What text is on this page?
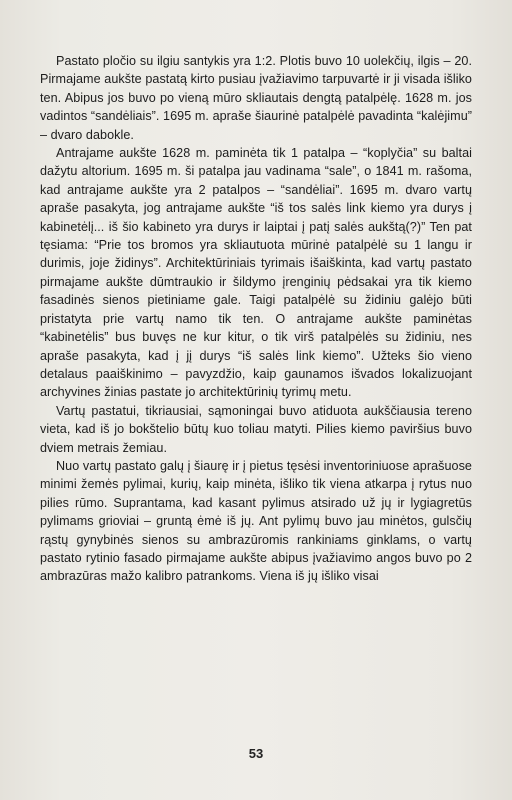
Pastato pločio su ilgiu santykis yra 1:2. Plotis buvo 10 uolekčių, ilgis – 20. Pirmajame aukšte pastatą kirto pusiau įvažiavimo tarpuvartė ir ji visada išliko ten. Abipus jos buvo po vieną mūro skliautais dengtą patalpėlę. 1628 m. jos vadintos “sandėliais”. 1695 m. apraše šiaurinė patalpėlė pavadinta “kalėjimu” – dvaro dabokle.

Antrajame aukšte 1628 m. paminėta tik 1 patalpa – “koplyčia” su baltai dažytu altorium. 1695 m. ši patalpa jau vadinama “sale”, o 1841 m. rašoma, kad antrajame aukšte yra 2 patalpos – “sandėliai”. 1695 m. dvaro vartų apraše pasakyta, jog antrajame aukšte “iš tos salės link kiemo yra durys į kabinetėlį... iš šio kabineto yra durys ir laiptai į patį salės aukštą(?)” Ten pat tęsiama: “Prie tos bromos yra skliautuota mūrinė patalpėlė su 1 langu ir durimis, joje židinys”. Architektūriniais tyrimais išaiškinta, kad vartų pastato pirmajame aukšte dūmtraukio ir šildymo įrenginių pėdsakai yra tik kiemo fasadinės sienos pietiniame gale. Taigi patalpėlė su židiniu galėjo būti pristatyta prie vartų namo tik ten. O antrajame aukšte paminėtas “kabinetėlis” bus buvęs ne kur kitur, o tik virš patalpėlės su židiniu, nes apraše pasakyta, kad į jį durys “iš salės link kiemo”. Užteks šio vieno detalaus paaiškinimo – pavyzdžio, kaip gaunamos išvados lokalizuojant archyvines žinias pastate jo architektūrinių tyrimų metu.

Vartų pastatui, tikriausiai, sąmoningai buvo atiduota aukščiausia tereno vieta, kad iš jo bokštelio būtų kuo toliau matyti. Pilies kiemo paviršius buvo dviem metrais žemiau.

Nuo vartų pastato galų į šiaurę ir į pietus tęsėsi inventoriniuose aprašuose minimi žemės pylimai, kurių, kaip minėta, išliko tik viena atkarpa į rytus nuo pilies rūmo. Suprantama, kad kasant pylimus atsirado už jų ir lygiagretūs pylimams grioviai – gruntą ėmė iš jų. Ant pylimų buvo jau minėtos, gulsčių rąstų gynybinės sienos su ambrazūromis rankiniams ginklams, o vartų pastato rytinio fasado pirmajame aukšte abipus įvažiavimo angos buvo po 2 ambrazūras mažo kalibro patrankoms. Viena iš jų išliko visai

53
